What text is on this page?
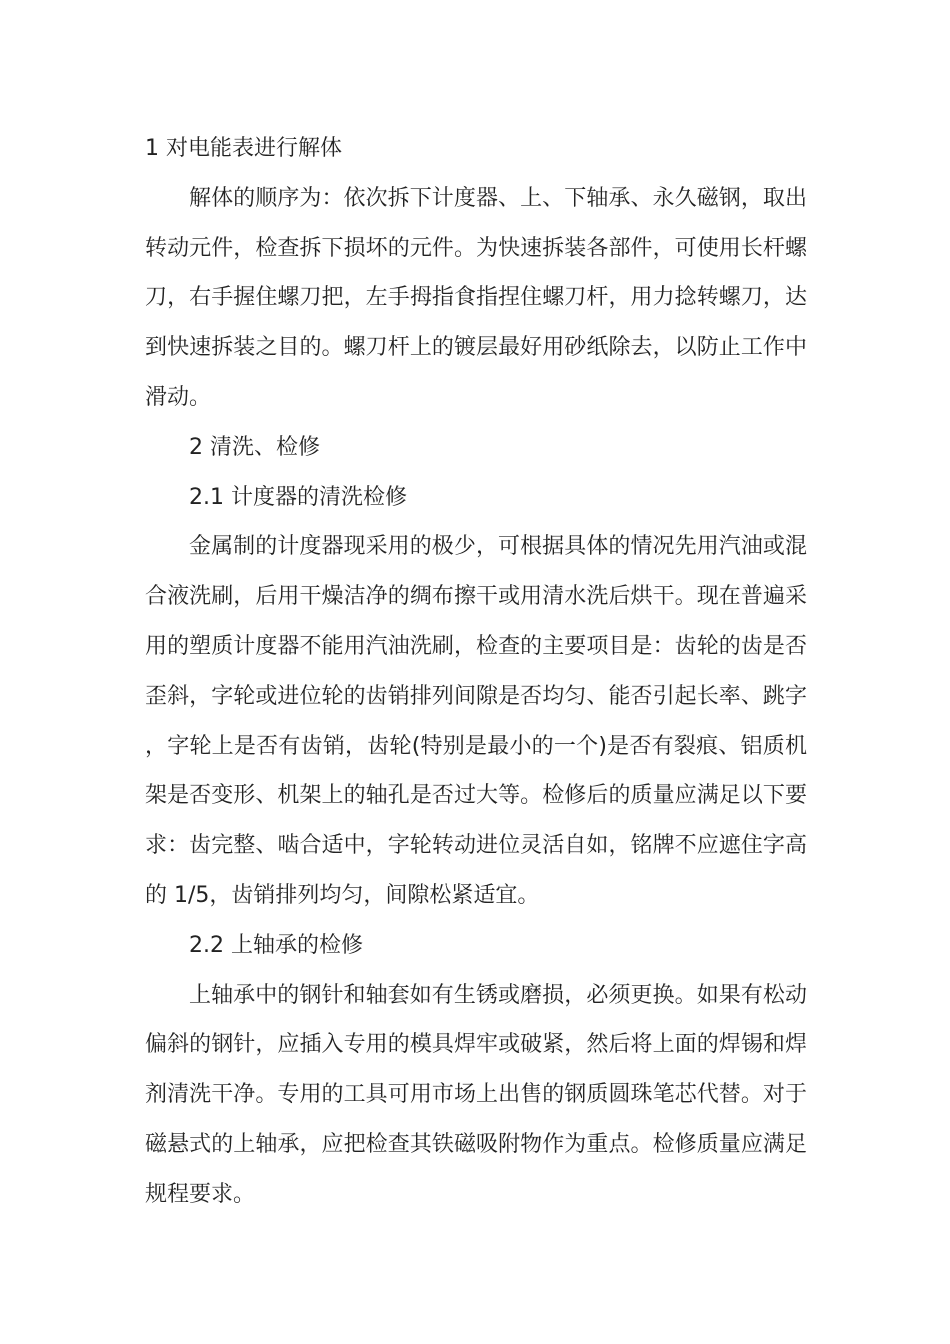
1 对电能表进行解体

解体的顺序为：依次拆下计度器、上、下轴承、永久磁钢，取出转动元件，检查拆下损坏的元件。为快速拆装各部件，可使用长杆螺刀，右手握住螺刀把，左手拇指食指捏住螺刀杆，用力捻转螺刀，达到快速拆装之目的。螺刀杆上的镀层最好用砂纸除去，以防止工作中滑动。

2 清洗、检修

2.1 计度器的清洗检修

金属制的计度器现采用的极少，可根据具体的情况先用汽油或混合液洗刷，后用干燥洁净的绸布擦干或用清水洗后烘干。现在普遍采用的塑质计度器不能用汽油洗刷，检查的主要项目是：齿轮的齿是否歪斜，字轮或进位轮的齿销排列间隙是否均匀、能否引起长率、跳字，字轮上是否有齿销，齿轮(特别是最小的一个)是否有裂痕、铝质机架是否变形、机架上的轴孔是否过大等。检修后的质量应满足以下要求：齿完整、啮合适中，字轮转动进位灵活自如，铭牌不应遮住字高的 1/5，齿销排列均匀，间隙松紧适宜。

2.2 上轴承的检修

上轴承中的钢针和轴套如有生锈或磨损，必须更换。如果有松动偏斜的钢针，应插入专用的模具焊牢或破紧，然后将上面的焊锡和焊剂清洗干净。专用的工具可用市场上出售的钢质圆珠笔芯代替。对于磁悬式的上轴承，应把检查其铁磁吸附物作为重点。检修质量应满足规程要求。
